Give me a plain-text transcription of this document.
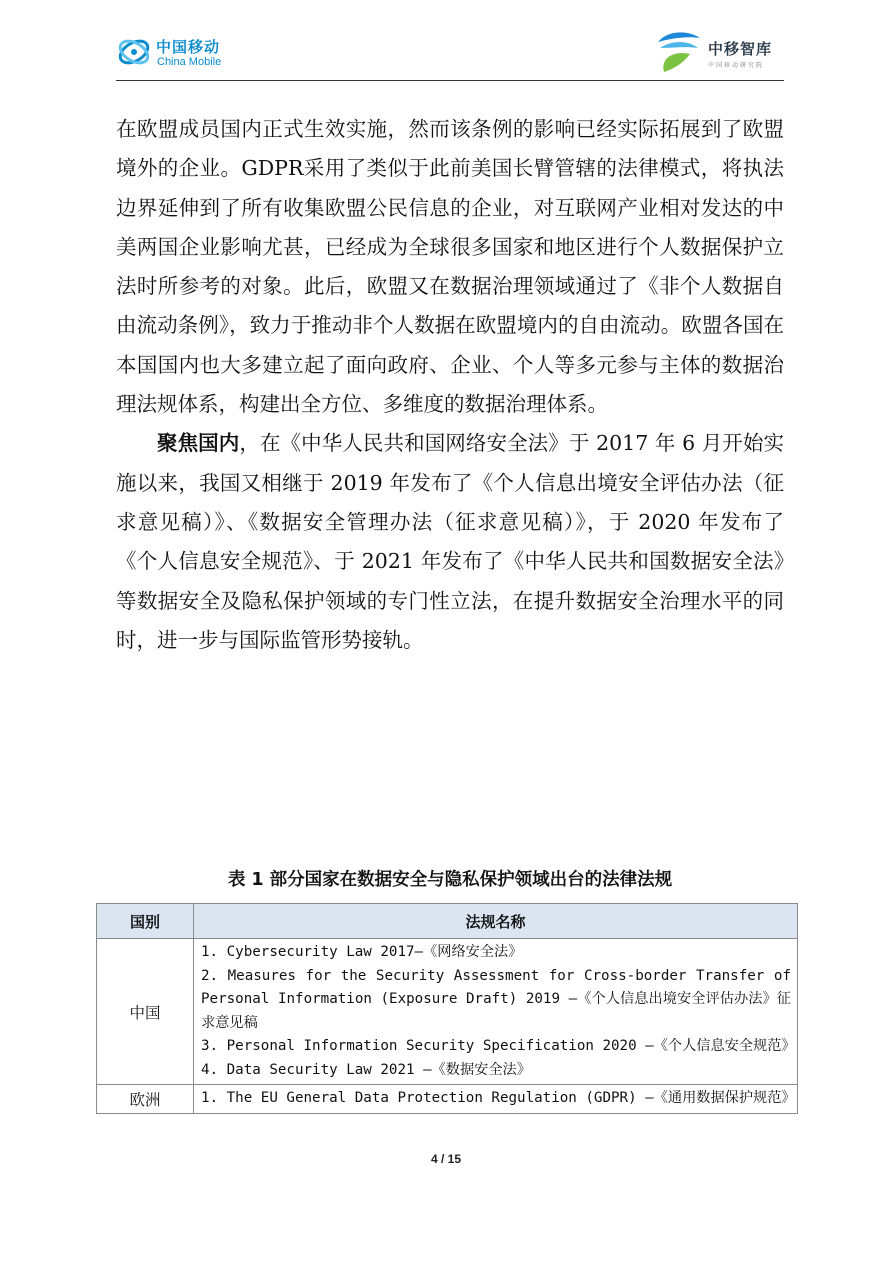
中国移动
China Mobile
中移智库
中国移动研究院

在欧盟成员国内正式生效实施，然而该条例的影响已经实际拓展到了欧盟境外的企业。GDPR采用了类似于此前美国长臂管辖的法律模式，将执法边界延伸到了所有收集欧盟公民信息的企业，对互联网产业相对发达的中美两国企业影响尤甚，已经成为全球很多国家和地区进行个人数据保护立法时所参考的对象。此后，欧盟又在数据治理领域通过了《非个人数据自由流动条例》，致力于推动非个人数据在欧盟境内的自由流动。欧盟各国在本国国内也大多建立起了面向政府、企业、个人等多元参与主体的数据治理法规体系，构建出全方位、多维度的数据治理体系。

聚焦国内，在《中华人民共和国网络安全法》于 2017 年 6 月开始实施以来，我国又相继于 2019 年发布了《个人信息出境安全评估办法（征求意见稿）》、《数据安全管理办法（征求意见稿）》，于 2020 年发布了《个人信息安全规范》、于 2021 年发布了《中华人民共和国数据安全法》等数据安全及隐私保护领域的专门性立法，在提升数据安全治理水平的同时，进一步与国际监管形势接轨。

表 1 部分国家在数据安全与隐私保护领域出台的法律法规
国别	法规名称
中国	1. Cybersecurity Law 2017—《网络安全法》
2. Measures for the Security Assessment for Cross-border Transfer of Personal Information (Exposure Draft) 2019 —《个人信息出境安全评估办法》征求意见稿
3. Personal Information Security Specification 2020 —《个人信息安全规范》
4. Data Security Law 2021 —《数据安全法》

欧洲	1. The EU General Data Protection Regulation (GDPR) —《通用数据保护规范》
4 / 15
